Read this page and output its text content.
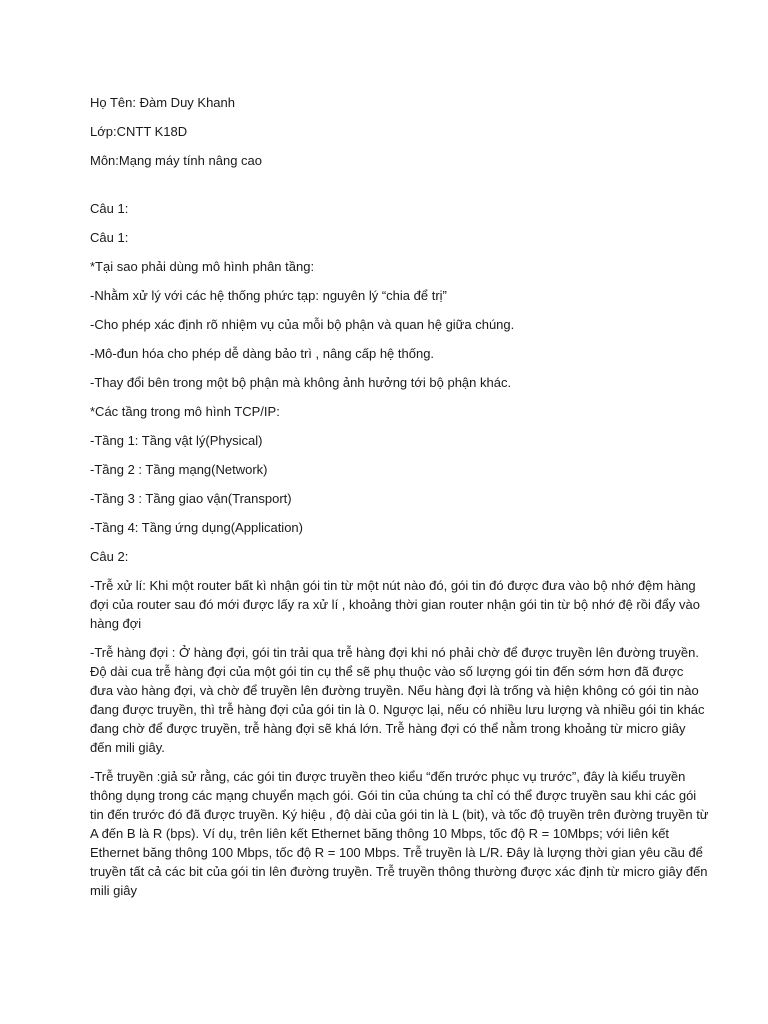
Họ Tên: Đàm Duy Khanh

Lớp:CNTT K18D

Môn:Mạng máy tính nâng cao

Câu 1:

Câu 1:

*Tại sao phải dùng mô hình phân tầng:

-Nhằm xử lý với các hệ thống phức tạp: nguyên lý “chia để trị”

-Cho phép xác định rõ nhiệm vụ của mỗi bộ phận và quan hệ giữa chúng.

-Mô-đun hóa cho phép dễ dàng bảo trì , nâng cấp hệ thống.

-Thay đổi bên trong một bộ phận mà không ảnh hưởng tới bộ phận khác.

*Các tầng trong mô hình TCP/IP:

-Tầng 1: Tầng vật lý(Physical)

-Tầng 2 : Tầng mạng(Network)

-Tầng 3 : Tầng giao vận(Transport)

-Tầng 4: Tầng ứng dụng(Application)

Câu 2:

-Trễ xử lí: Khi một router bất kì nhận gói tin từ một nút nào đó, gói tin đó được đưa vào bộ nhớ đệm hàng đợi của router sau đó mới được lấy ra xử lí , khoảng thời gian router nhận gói tin từ bộ nhớ đệ rồi đẩy vào hàng đợi

-Trễ hàng đợi : Ở hàng đợi, gói tin trải qua trễ hàng đợi khi nó phải chờ để được truyền lên đường truyền. Độ dài cua trễ hàng đợi của một gói tin cụ thể sẽ phụ thuộc vào số lượng gói tin đến sớm hơn đã được đưa vào hàng đợi, và chờ để truyền lên đường truyền. Nếu hàng đợi là trống và hiện không có gói tin nào đang được truyền, thì trễ hàng đợi của gói tin là 0. Ngược lại, nếu có nhiều lưu lượng và nhiều gói tin khác đang chờ để được truyền, trễ hàng đợi sẽ khá lớn. Trễ hàng đợi có thể nằm trong khoảng từ micro giây đến mili giây.

-Trễ truyền :giả sử rằng, các gói tin được truyền theo kiểu “đến trước phục vụ trước”, đây là kiểu truyền thông dụng trong các mạng chuyển mạch gói. Gói tin của chúng ta chỉ có thể được truyền sau khi các gói tin đến trước đó đã được truyền. Ký hiệu , độ dài của gói tin là L (bit), và tốc độ truyền trên đường truyền từ A đến B là R (bps). Ví dụ, trên liên kết Ethernet băng thông 10 Mbps, tốc độ R = 10Mbps; với liên kết Ethernet băng thông 100 Mbps, tốc độ R = 100 Mbps. Trễ truyền là L/R. Đây là lượng thời gian yêu cầu để truyền tất cả các bit của gói tin lên đường truyền. Trễ truyền thông thường được xác định từ micro giây đến mili giây
